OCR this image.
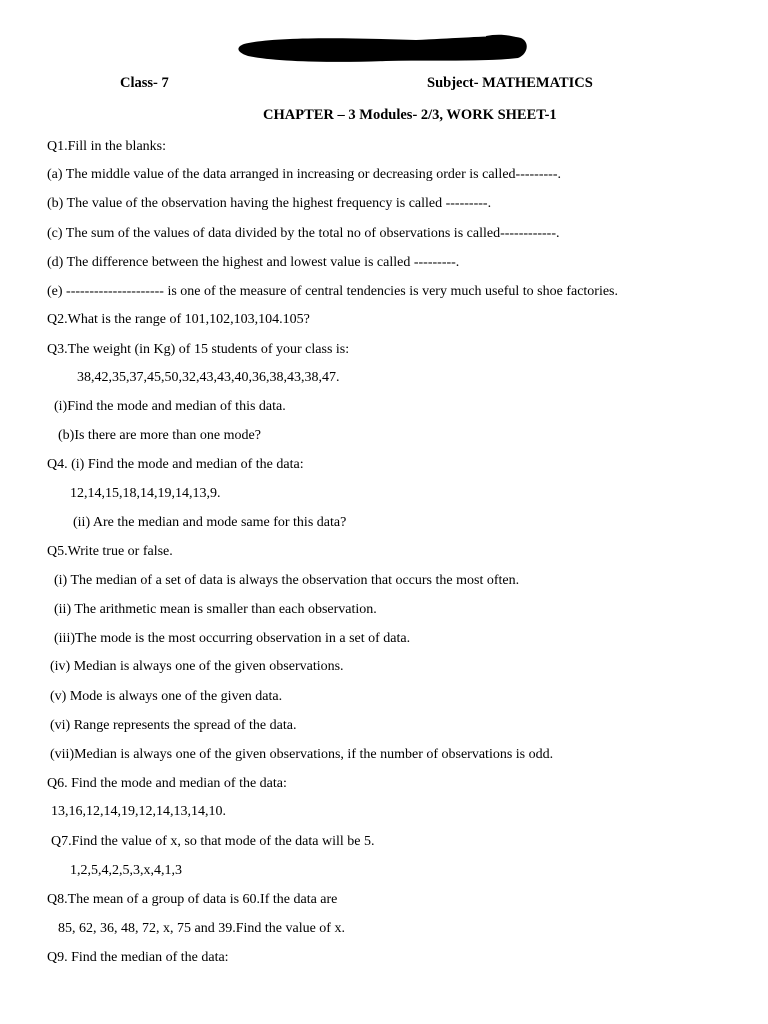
Class- 7	Subject- MATHEMATICS
CHAPTER – 3 Modules- 2/3, WORK SHEET-1
Q1.Fill in the blanks:
(a) The middle value of the data arranged in increasing or decreasing order is called---------.
(b) The value of the observation having the highest frequency is called ---------.
(c) The sum of the values of data divided by the total no of observations is called------------.
(d) The difference between the highest and lowest value is called ---------.
(e) --------------------- is one of the measure of central tendencies is very much useful to shoe factories.
Q2.What is the range of 101,102,103,104.105?
Q3.The weight (in Kg) of 15 students of your class is:
38,42,35,37,45,50,32,43,43,40,36,38,43,38,47.
(i)Find the mode and median of this data.
(b)Is there are more than one mode?
Q4. (i) Find the mode and median of the data:
12,14,15,18,14,19,14,13,9.
(ii) Are the median and mode same for this data?
Q5.Write true or false.
(i) The median of a set of data is always the observation that occurs the most often.
(ii) The arithmetic mean is smaller than each observation.
(iii)The mode is the most occurring observation in a set of data.
(iv) Median is always one of the given observations.
(v) Mode is always one of the given data.
(vi) Range represents the spread of the data.
(vii)Median is always one of the given observations, if the number of observations is odd.
Q6. Find the mode and median of the data:
13,16,12,14,19,12,14,13,14,10.
Q7.Find the value of x, so that mode of the data will be 5.
1,2,5,4,2,5,3,x,4,1,3
Q8.The mean of a group of data is 60.If the data are
85, 62, 36, 48, 72, x, 75 and 39.Find the value of x.
Q9. Find the median of the data:
